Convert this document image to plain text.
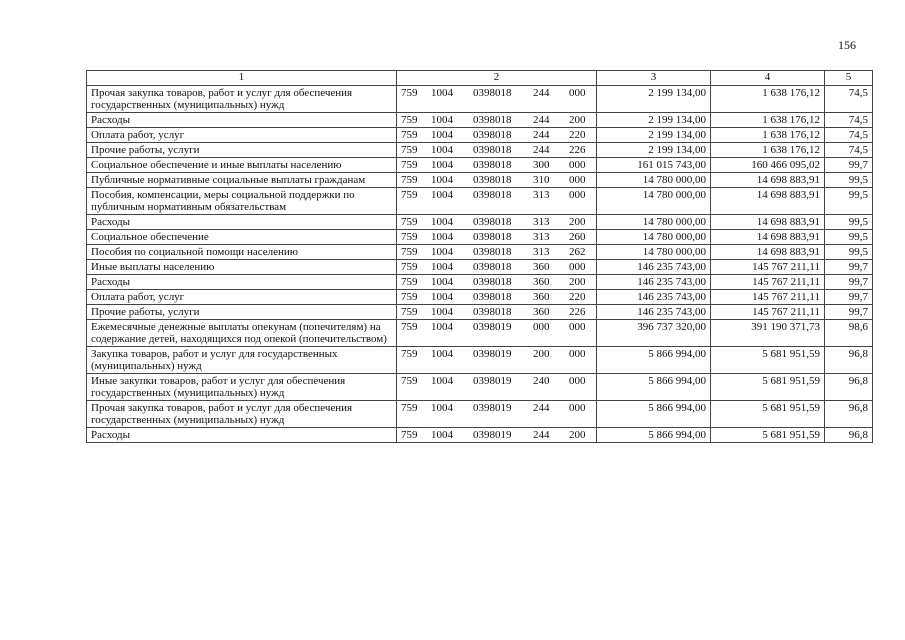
156
1	2	3	4	5
Прочая закупка товаров, работ и услуг для обеспечения государственных (муниципальных) нужд	759 1004 0398018 244 000	2 199 134,00	1 638 176,12	74,5
Расходы	759 1004 0398018 244 200	2 199 134,00	1 638 176,12	74,5
Оплата работ, услуг	759 1004 0398018 244 220	2 199 134,00	1 638 176,12	74,5
Прочие работы, услуги	759 1004 0398018 244 226	2 199 134,00	1 638 176,12	74,5
Социальное обеспечение и иные выплаты населению	759 1004 0398018 300 000	161 015 743,00	160 466 095,02	99,7
Публичные нормативные социальные выплаты гражданам	759 1004 0398018 310 000	14 780 000,00	14 698 883,91	99,5
Пособия, компенсации, меры социальной поддержки по публичным нормативным обязательствам	759 1004 0398018 313 000	14 780 000,00	14 698 883,91	99,5
Расходы	759 1004 0398018 313 200	14 780 000,00	14 698 883,91	99,5
Социальное обеспечение	759 1004 0398018 313 260	14 780 000,00	14 698 883,91	99,5
Пособия по социальной помощи населению	759 1004 0398018 313 262	14 780 000,00	14 698 883,91	99,5
Иные выплаты населению	759 1004 0398018 360 000	146 235 743,00	145 767 211,11	99,7
Расходы	759 1004 0398018 360 200	146 235 743,00	145 767 211,11	99,7
Оплата работ, услуг	759 1004 0398018 360 220	146 235 743,00	145 767 211,11	99,7
Прочие работы, услуги	759 1004 0398018 360 226	146 235 743,00	145 767 211,11	99,7
Ежемесячные денежные выплаты опекунам (попечителям) на содержание детей, находящихся под опекой (попечительством)	759 1004 0398019 000 000	396 737 320,00	391 190 371,73	98,6
Закупка товаров, работ и услуг для государственных (муниципальных) нужд	759 1004 0398019 200 000	5 866 994,00	5 681 951,59	96,8
Иные закупки товаров, работ и услуг для обеспечения государственных (муниципальных) нужд	759 1004 0398019 240 000	5 866 994,00	5 681 951,59	96,8
Прочая закупка товаров, работ и услуг для обеспечения государственных (муниципальных) нужд	759 1004 0398019 244 000	5 866 994,00	5 681 951,59	96,8
Расходы	759 1004 0398019 244 200	5 866 994,00	5 681 951,59	96,8
